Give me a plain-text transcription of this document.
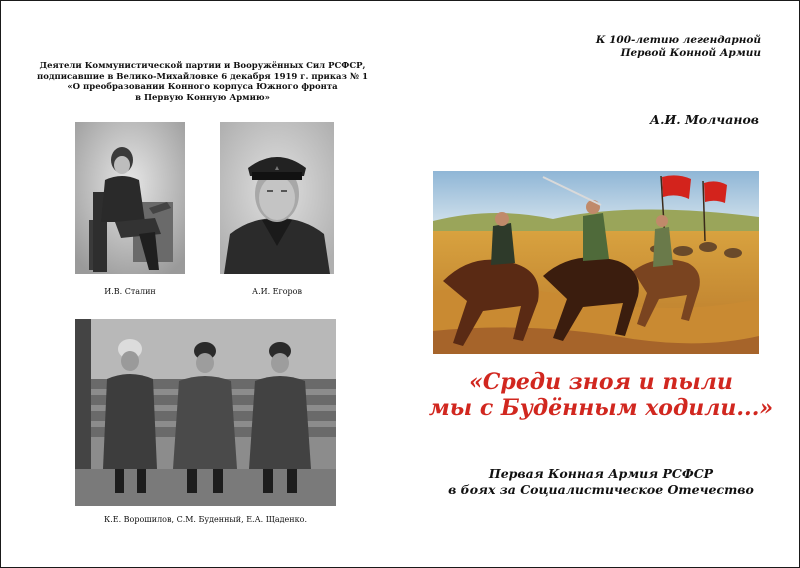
Деятели Коммунистической партии и Вооружённых Сил РСФСР,
подписавшие в Велико-Михайловке 6 декабря 1919 г. приказ № 1
«О преобразовании Конного корпуса Южного фронта
в Первую Конную Армию»
И.В. Сталин	А.И. Егоров
К.Е. Ворошилов, С.М. Буденный, Е.А. Щаденко.
К 100-летию легендарной
Первой Конной Армии
А.И. Молчанов
«Среди зноя и пыли
мы с Будённым ходили...»
Первая Конная Армия РСФСР
в боях за Социалистическое Отечество
